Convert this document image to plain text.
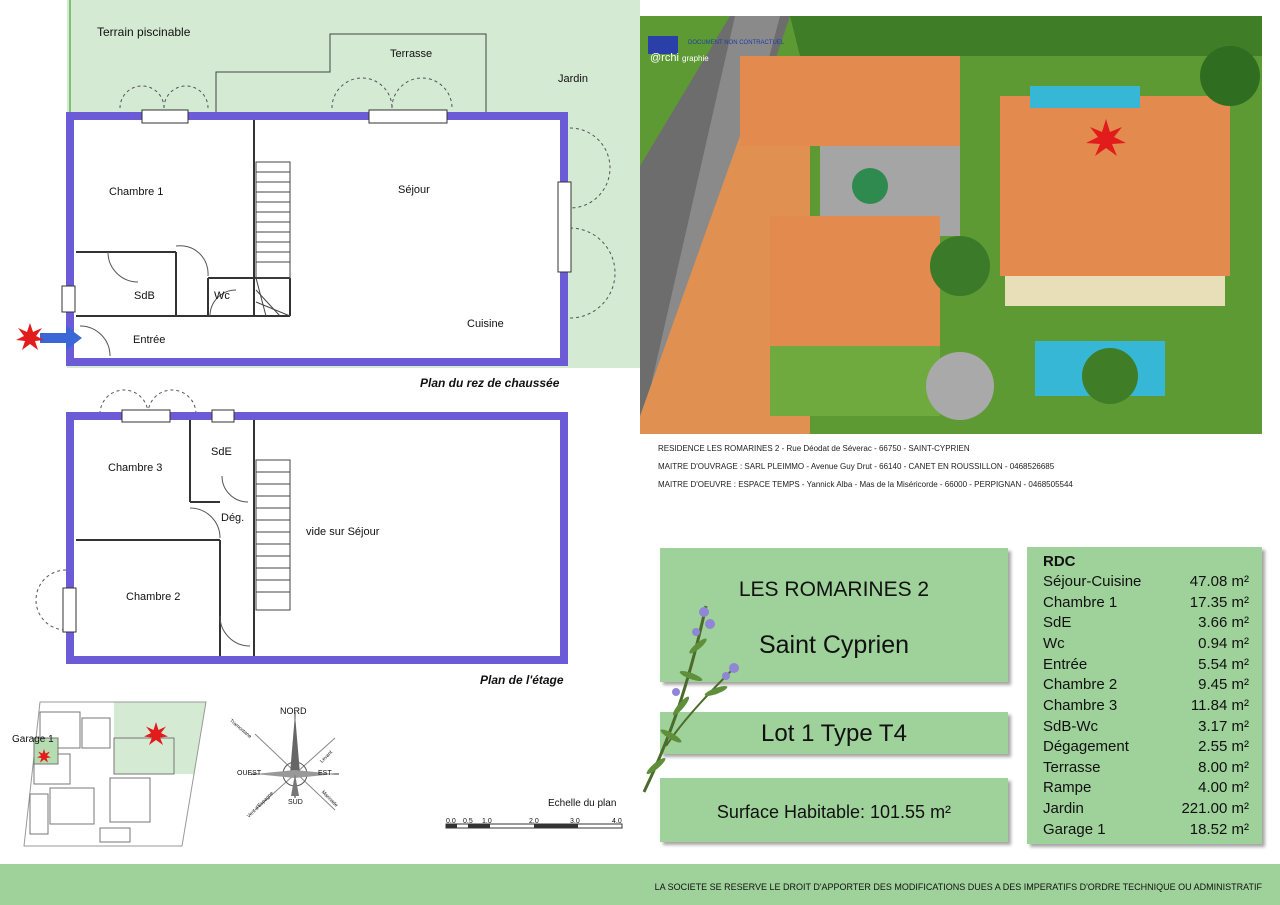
Terrain piscinable
Terrasse
Jardin
Chambre 1	Séjour
SdB	Wc
Entrée
Cuisine
Plan du rez de chaussée
Chambre 3
SdE
Dég.
vide sur Séjour
Chambre 2
Plan de l'étage
Garage 1
NORD
OUEST	EST
SUD
Tramontane
Levant
Marinade
Vent d'Espagne	Echelle du plan
0.0 0.5 1.0	2.0	3.0	4.0
DOCUMENT NON CONTRACTUEL
@rchi graphie
RESIDENCE LES ROMARINES 2 - Rue Déodat de Séverac - 66750 - SAINT-CYPRIEN
MAITRE D'OUVRAGE : SARL PLEIMMO - Avenue Guy Drut - 66140 - CANET EN ROUSSILLON - 0468526685
MAITRE D'OEUVRE : ESPACE TEMPS - Yannick Alba - Mas de la Miséricorde - 66000 - PERPIGNAN - 0468505544
LES ROMARINES 2
Saint Cyprien
Lot 1 Type T4
Surface Habitable: 101.55 m²
RDC
Séjour-Cuisine	47.08 m²
Chambre 1	17.35 m²
SdE	3.66 m²
Wc	0.94 m²
Entrée	5.54 m²
Chambre 2	9.45 m²
Chambre 3	11.84 m²
SdB-Wc	3.17 m²
Dégagement	2.55 m²
Terrasse	8.00 m²
Rampe	4.00 m²
Jardin	221.00 m²
Garage 1	18.52 m²
LA SOCIETE SE RESERVE LE DROIT D'APPORTER DES MODIFICATIONS DUES A DES IMPERATIFS D'ORDRE TECHNIQUE OU ADMINISTRATIF
